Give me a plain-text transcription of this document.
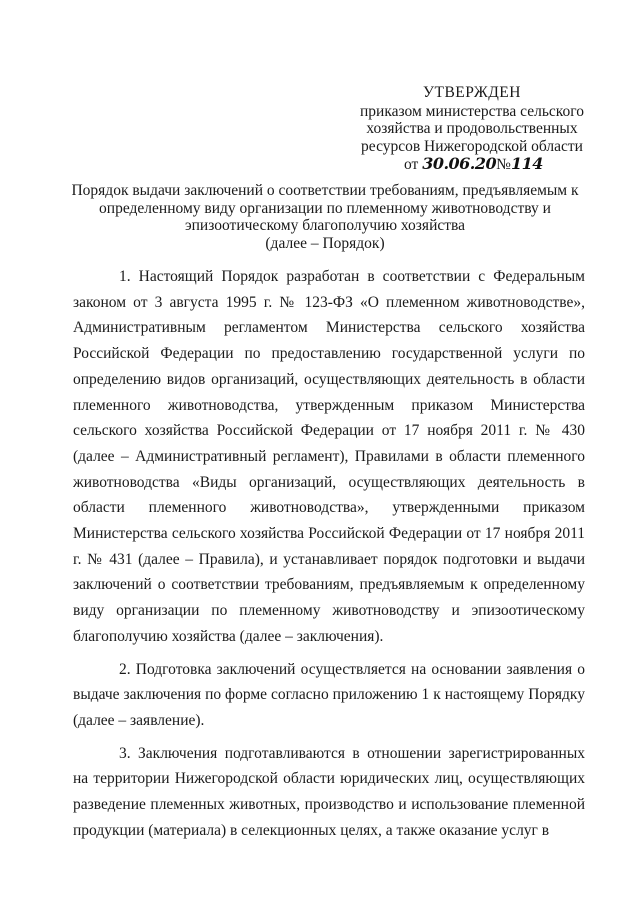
УТВЕРЖДЕН
приказом министерства сельского
хозяйства и продовольственных
ресурсов Нижегородской области
от 30.06.20№114
Порядок выдачи заключений о соответствии требованиям, предъявляемым к
определенному виду организации по племенному животноводству и
эпизоотическому благополучию хозяйства
(далее – Порядок)

1. Настоящий Порядок разработан в соответствии с Федеральным законом от 3 августа 1995 г. № 123-ФЗ «О племенном животноводстве», Административным регламентом Министерства сельского хозяйства Российской Федерации по предоставлению государственной услуги по определению видов организаций, осуществляющих деятельность в области племенного животноводства, утвержденным приказом Министерства сельского хозяйства Российской Федерации от 17 ноября 2011 г. № 430 (далее – Административный регламент), Правилами в области племенного животноводства «Виды организаций, осуществляющих деятельность в области племенного животноводства», утвержденными приказом Министерства сельского хозяйства Российской Федерации от 17 ноября 2011 г. № 431 (далее – Правила), и устанавливает порядок подготовки и выдачи заключений о соответствии требованиям, предъявляемым к определенному виду организации по племенному животноводству и эпизоотическому благополучию хозяйства (далее – заключения).

2. Подготовка заключений осуществляется на основании заявления о выдаче заключения по форме согласно приложению 1 к настоящему Порядку (далее – заявление).

3. Заключения подготавливаются в отношении зарегистрированных на территории Нижегородской области юридических лиц, осуществляющих разведение племенных животных, производство и использование племенной продукции (материала) в селекционных целях, а также оказание услуг в
